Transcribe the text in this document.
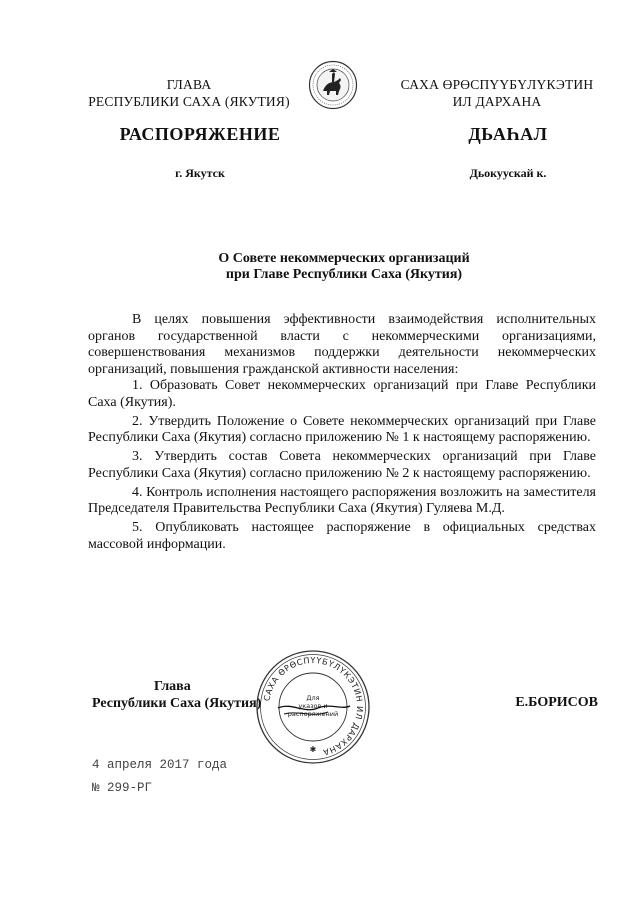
ГЛАВА
РЕСПУБЛИКИ САХА (ЯКУТИЯ)
САХА ӨРӨСПҮҮБҮЛҮКЭТИН
ИЛ ДАРХАНА
РАСПОРЯЖЕНИЕ	ДЬАҺАЛ
г. Якутск	Дьокуускай к.
О Совете некоммерческих организаций
при Главе Республики Саха (Якутия)

В целях повышения эффективности взаимодействия исполнительных органов государственной власти с некоммерческими организациями, совершенствования механизмов поддержки деятельности некоммерческих организаций, повышения гражданской активности населения:

1. Образовать Совет некоммерческих организаций при Главе Республики Саха (Якутия).

2. Утвердить Положение о Совете некоммерческих организаций при Главе Республики Саха (Якутия) согласно приложению № 1 к настоящему распоряжению.

3. Утвердить состав Совета некоммерческих организаций при Главе Республики Саха (Якутия) согласно приложению № 2 к настоящему распоряжению.

4. Контроль исполнения настоящего распоряжения возложить на заместителя Председателя Правительства Республики Саха (Якутия) Гуляева М.Д.

5. Опубликовать настоящее распоряжение в официальных средствах массовой информации.

Глава
Республики Саха (Якутия) САХА ӨРӨСПҮҮБҮЛҮКЭТИН ИЛ ДАРХАНА
Для
указов и
распоряжений
✱
Е.БОРИСОВ
4 апреля 2017 года
№ 299-РГ
